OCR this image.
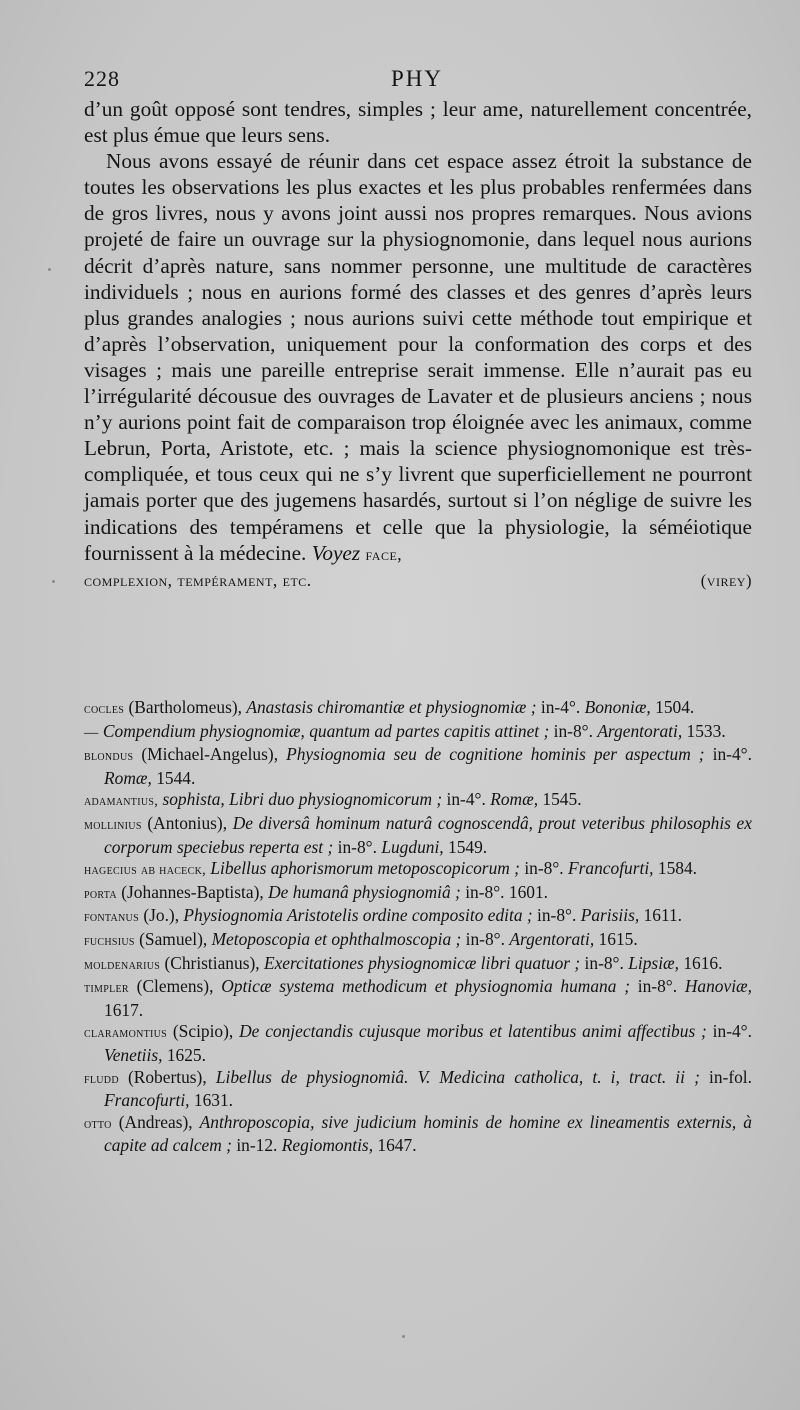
228	PHY

d’un goût opposé sont tendres, simples ; leur ame, naturellement concentrée, est plus émue que leurs sens.

Nous avons essayé de réunir dans cet espace assez étroit la substance de toutes les observations les plus exactes et les plus probables renfermées dans de gros livres, nous y avons joint aussi nos propres remarques. Nous avions projeté de faire un ouvrage sur la physiognomonie, dans lequel nous aurions décrit d’après nature, sans nommer personne, une multitude de caractères individuels ; nous en aurions formé des classes et des genres d’après leurs plus grandes analogies ; nous aurions suivi cette méthode tout empirique et d’après l’observation, uniquement pour la conformation des corps et des visages ; mais une pareille entreprise serait immense. Elle n’aurait pas eu l’irrégularité décousue des ouvrages de Lavater et de plusieurs anciens ; nous n’y aurions point fait de comparaison trop éloignée avec les animaux, comme Lebrun, Porta, Aristote, etc. ; mais la science physiognomonique est très-compliquée, et tous ceux qui ne s’y livrent que superficiellement ne pourront jamais porter que des jugemens hasardés, surtout si l’on néglige de suivre les indications des tempéramens et celle que la physiologie, la séméiotique fournissent à la médecine. Voyez face,

complexion, tempérament, etc.	(virey)

cocles (Bartholomeus), Anastasis chiromantiæ et physiognomiæ ; in-4°. Bononiæ, 1504.

— Compendium physiognomiæ, quantum ad partes capitis attinet ; in-8°. Argentorati, 1533.

blondus (Michael-Angelus), Physiognomia seu de cognitione hominis per aspectum ; in-4°. Romæ, 1544.

adamantius, sophista, Libri duo physiognomicorum ; in-4°. Romæ, 1545.

mollinius (Antonius), De diversâ hominum naturâ cognoscendâ, prout veteribus philosophis ex corporum speciebus reperta est ; in-8°. Lugduni, 1549.

hagecius ab haceck, Libellus aphorismorum metoposcopicorum ; in-8°. Francofurti, 1584.

porta (Johannes-Baptista), De humanâ physiognomiâ ; in-8°. 1601.

fontanus (Jo.), Physiognomia Aristotelis ordine composito edita ; in-8°. Parisiis, 1611.

fuchsius (Samuel), Metoposcopia et ophthalmoscopia ; in-8°. Argentorati, 1615.

moldenarius (Christianus), Exercitationes physiognomicæ libri quatuor ; in-8°. Lipsiæ, 1616.

timpler (Clemens), Opticæ systema methodicum et physiognomia humana ; in-8°. Hanoviæ, 1617.

claramontius (Scipio), De conjectandis cujusque moribus et latentibus animi affectibus ; in-4°. Venetiis, 1625.

fludd (Robertus), Libellus de physiognomiâ. V. Medicina catholica, t. i, tract. ii ; in-fol. Francofurti, 1631.

otto (Andreas), Anthroposcopia, sive judicium hominis de homine ex lineamentis externis, à capite ad calcem ; in-12. Regiomontis, 1647.
